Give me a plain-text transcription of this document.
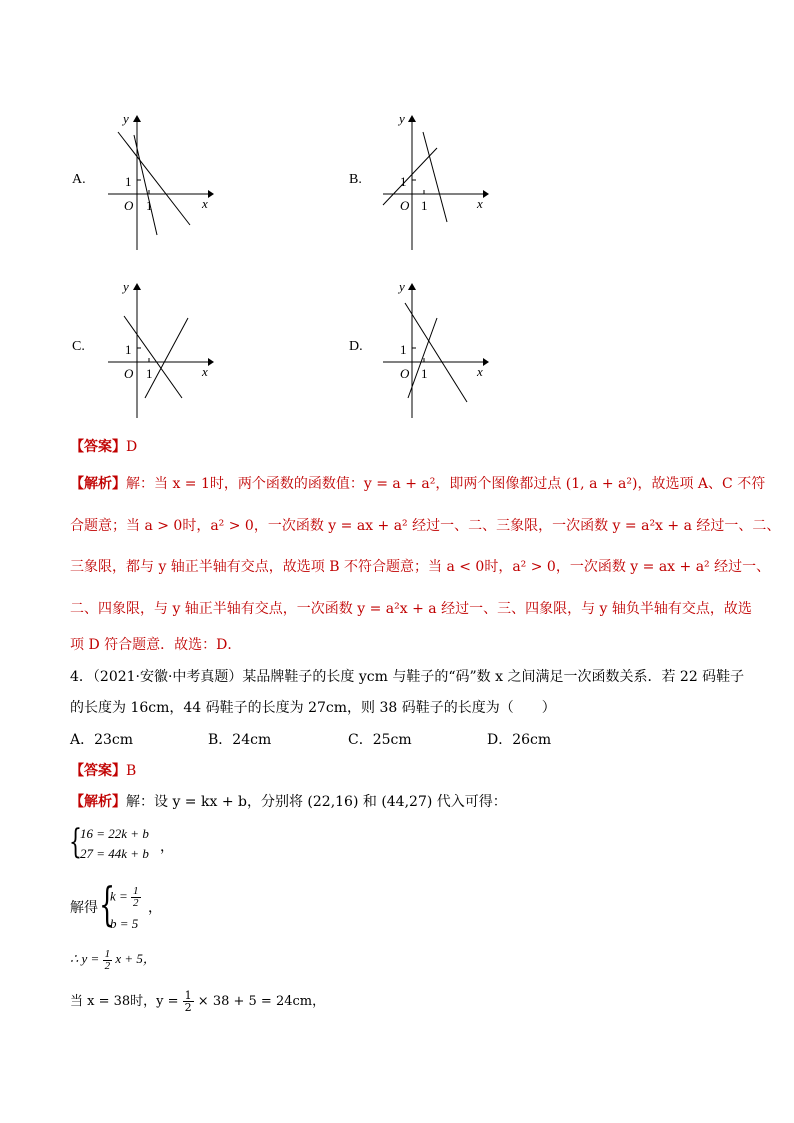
A.
y
x
O
1
1
B.
y
x
O
1
1
C.
y
x
O
1
1
D.
y
x
O
1
1
【答案】D
【解析】解：当 x = 1时，两个函数的函数值：y = a + a²，即两个图像都过点 (1, a + a²)，故选项 A、C 不符
合题意；当 a > 0时，a² > 0，一次函数 y = ax + a² 经过一、二、三象限，一次函数 y = a²x + a 经过一、二、
三象限，都与 y 轴正半轴有交点，故选项 B 不符合题意；当 a < 0时，a² > 0，一次函数 y = ax + a² 经过一、
二、四象限，与 y 轴正半轴有交点，一次函数 y = a²x + a 经过一、三、四象限，与 y 轴负半轴有交点，故选
项 D 符合题意．故选：D．
4．（2021·安徽·中考真题）某品牌鞋子的长度 ycm 与鞋子的“码”数 x 之间满足一次函数关系．若 22 码鞋子
的长度为 16cm，44 码鞋子的长度为 27cm，则 38 码鞋子的长度为（　　）
A．23cm	B．24cm	C．25cm	D．26cm
【答案】B
【解析】解：设 y = kx + b，分别将 (22,16) 和 (44,27) 代入可得：
{
16 = 22k + b
27 = 44k + b ，
解得 {
$k = \frac{1}{2}$
b = 5
，
∴ $y = \frac{1}{2}$ x + 5，
当 x = 38时，$y = \frac{1}{2} \times 38 + 5 = 24cm$，
